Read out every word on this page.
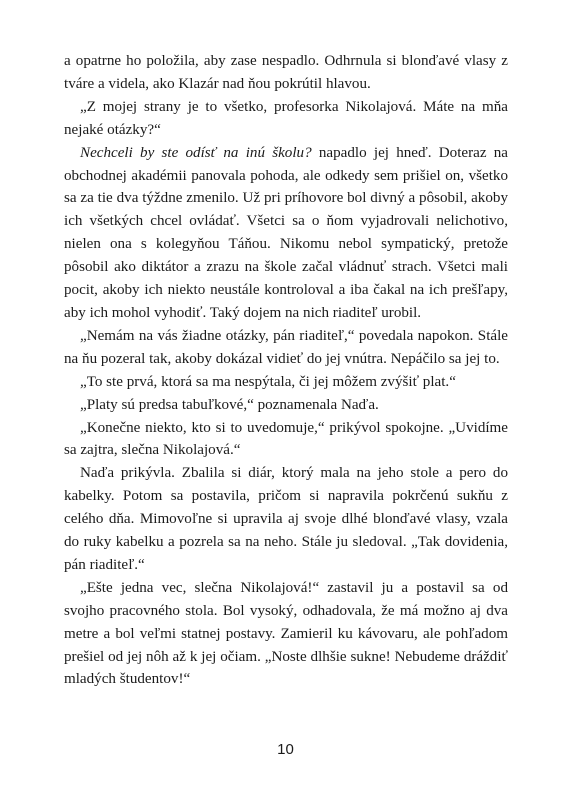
a opatrne ho položila, aby zase nespadlo. Odhrnula si blonďavé vlasy z tváre a videla, ako Klazár nad ňou pokrútil hlavou.

„Z mojej strany je to všetko, profesorka Nikolajová. Máte na mňa nejaké otázky?“

Nechceli by ste odísť na inú školu? napadlo jej hneď. Doteraz na obchodnej akadémii panovala pohoda, ale odkedy sem prišiel on, všetko sa za tie dva týždne zmenilo. Už pri príhovore bol divný a pôsobil, akoby ich všetkých chcel ovládať. Všetci sa o ňom vyjadrovali nelichotivo, nielen ona s kolegyňou Táňou. Nikomu nebol sympatický, pretože pôsobil ako diktátor a zrazu na škole začal vládnuť strach. Všetci mali pocit, akoby ich niekto neustále kontroloval a iba čakal na ich prešľapy, aby ich mohol vyhodiť. Taký dojem na nich riaditeľ urobil.

„Nemám na vás žiadne otázky, pán riaditeľ,“ povedala napokon. Stále na ňu pozeral tak, akoby dokázal vidieť do jej vnútra. Nepáčilo sa jej to.

„To ste prvá, ktorá sa ma nespýtala, či jej môžem zvýšiť plat.“

„Platy sú predsa tabuľkové,“ poznamenala Naďa.

„Konečne niekto, kto si to uvedomuje,“ prikývol spokojne. „Uvidíme sa zajtra, slečna Nikolajová.“

Naďa prikývla. Zbalila si diár, ktorý mala na jeho stole a pero do kabelky. Potom sa postavila, pričom si napravila pokrčenú sukňu z celého dňa. Mimovoľne si upravila aj svoje dlhé blonďavé vlasy, vzala do ruky kabelku a pozrela sa na neho. Stále ju sledoval. „Tak dovidenia, pán riaditeľ.“

„Ešte jedna vec, slečna Nikolajová!“ zastavil ju a postavil sa od svojho pracovného stola. Bol vysoký, odhadovala, že má možno aj dva metre a bol veľmi statnej postavy. Zamieril ku kávovaru, ale pohľadom prešiel od jej nôh až k jej očiam. „Noste dlhšie sukne! Nebudeme dráždiť mladých študentov!“

10
